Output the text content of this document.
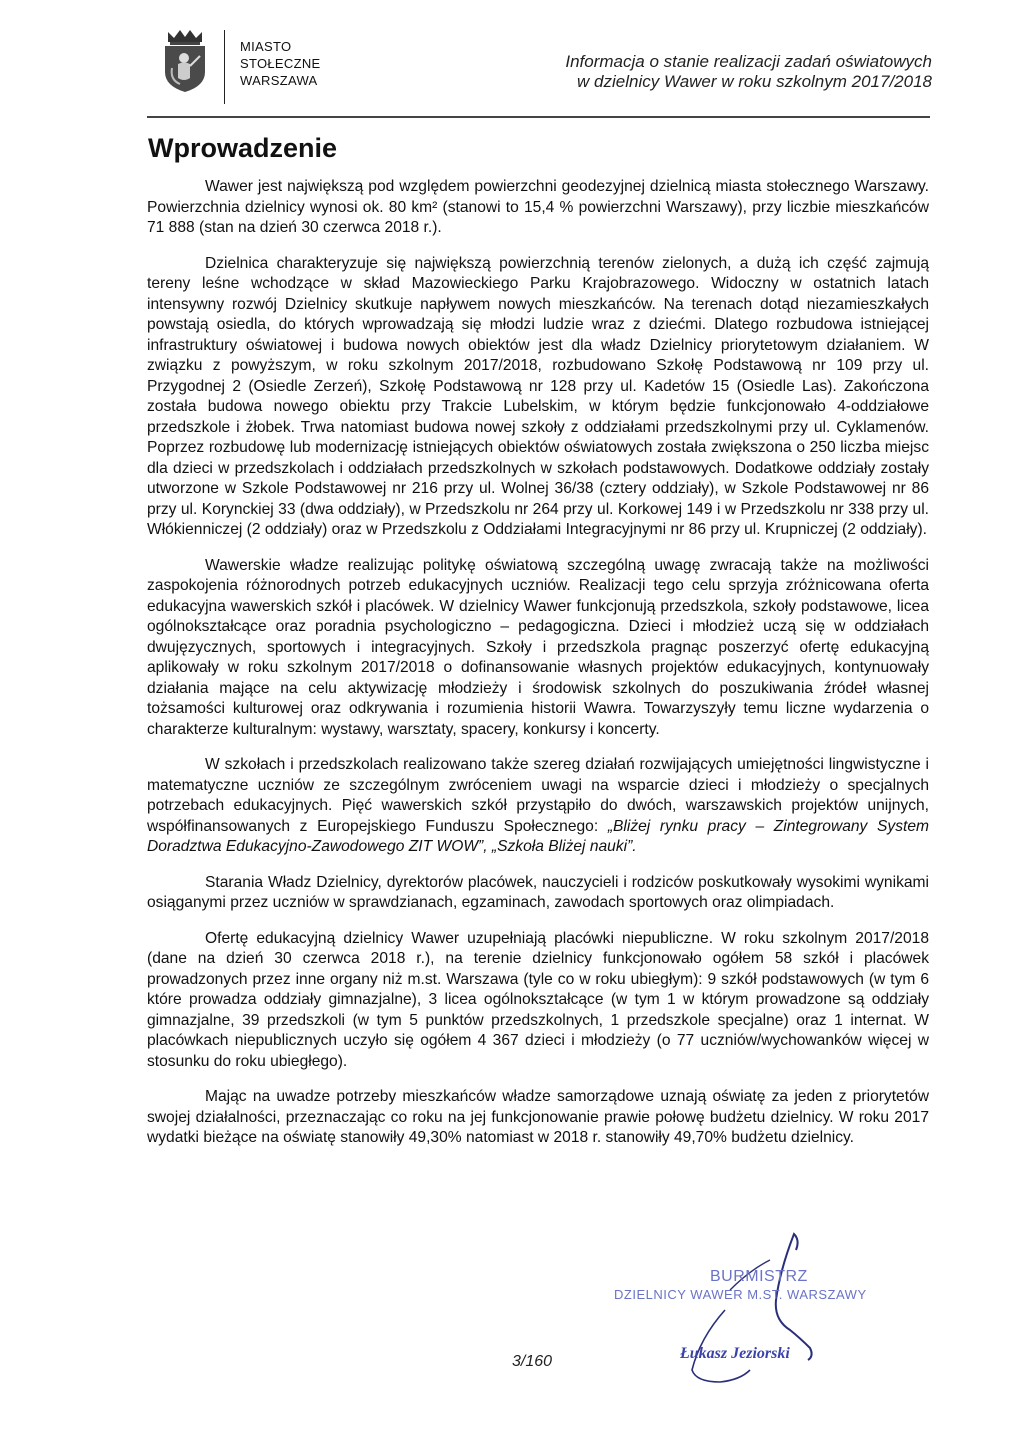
MIASTO
STOŁECZNE
WARSZAWA
Informacja o stanie realizacji zadań oświatowych
w dzielnicy Wawer w roku szkolnym 2017/2018
Wprowadzenie

Wawer jest największą pod względem powierzchni geodezyjnej dzielnicą miasta stołecznego Warszawy. Powierzchnia dzielnicy wynosi ok. 80 km² (stanowi to 15,4 % powierzchni Warszawy), przy liczbie mieszkańców 71 888 (stan na dzień 30 czerwca 2018 r.).

Dzielnica charakteryzuje się największą powierzchnią terenów zielonych, a dużą ich część zajmują tereny leśne wchodzące w skład Mazowieckiego Parku Krajobrazowego. Widoczny w ostatnich latach intensywny rozwój Dzielnicy skutkuje napływem nowych mieszkańców. Na terenach dotąd niezamieszkałych powstają osiedla, do których wprowadzają się młodzi ludzie wraz z dziećmi. Dlatego rozbudowa istniejącej infrastruktury oświatowej i budowa nowych obiektów jest dla władz Dzielnicy priorytetowym działaniem. W związku z powyższym, w roku szkolnym 2017/2018, rozbudowano Szkołę Podstawową nr 109 przy ul. Przygodnej 2 (Osiedle Zerzeń), Szkołę Podstawową nr 128 przy ul. Kadetów 15 (Osiedle Las). Zakończona została budowa nowego obiektu przy Trakcie Lubelskim, w którym będzie funkcjonowało 4-oddziałowe przedszkole i żłobek. Trwa natomiast budowa nowej szkoły z oddziałami przedszkolnymi przy ul. Cyklamenów. Poprzez rozbudowę lub modernizację istniejących obiektów oświatowych została zwiększona o 250 liczba miejsc dla dzieci w przedszkolach i oddziałach przedszkolnych w szkołach podstawowych. Dodatkowe oddziały zostały utworzone w Szkole Podstawowej nr 216 przy ul. Wolnej 36/38 (cztery oddziały), w Szkole Podstawowej nr 86 przy ul. Korynckiej 33 (dwa oddziały), w Przedszkolu nr 264 przy ul. Korkowej 149 i w Przedszkolu nr 338 przy ul. Włókienniczej (2 oddziały) oraz w Przedszkolu z Oddziałami Integracyjnymi nr 86 przy ul. Krupniczej (2 oddziały).

Wawerskie władze realizując politykę oświatową szczególną uwagę zwracają także na możliwości zaspokojenia różnorodnych potrzeb edukacyjnych uczniów. Realizacji tego celu sprzyja zróżnicowana oferta edukacyjna wawerskich szkół i placówek. W dzielnicy Wawer funkcjonują przedszkola, szkoły podstawowe, licea ogólnokształcące oraz poradnia psychologiczno – pedagogiczna. Dzieci i młodzież uczą się w oddziałach dwujęzycznych, sportowych i integracyjnych. Szkoły i przedszkola pragnąc poszerzyć ofertę edukacyjną aplikowały w roku szkolnym 2017/2018 o dofinansowanie własnych projektów edukacyjnych, kontynuowały działania mające na celu aktywizację młodzieży i środowisk szkolnych do poszukiwania źródeł własnej tożsamości kulturowej oraz odkrywania i rozumienia historii Wawra. Towarzyszyły temu liczne wydarzenia o charakterze kulturalnym: wystawy, warsztaty, spacery, konkursy i koncerty.

W szkołach i przedszkolach realizowano także szereg działań rozwijających umiejętności lingwistyczne i matematyczne uczniów ze szczególnym zwróceniem uwagi na wsparcie dzieci i młodzieży o specjalnych potrzebach edukacyjnych. Pięć wawerskich szkół przystąpiło do dwóch, warszawskich projektów unijnych, współfinansowanych z Europejskiego Funduszu Społecznego: „Bliżej rynku pracy – Zintegrowany System Doradztwa Edukacyjno-Zawodowego ZIT WOW”, „Szkoła Bliżej nauki”.

Starania Władz Dzielnicy, dyrektorów placówek, nauczycieli i rodziców poskutkowały wysokimi wynikami osiąganymi przez uczniów w sprawdzianach, egzaminach, zawodach sportowych oraz olimpiadach.

Ofertę edukacyjną dzielnicy Wawer uzupełniają placówki niepubliczne. W roku szkolnym 2017/2018 (dane na dzień 30 czerwca 2018 r.), na terenie dzielnicy funkcjonowało ogółem 58 szkół i placówek prowadzonych przez inne organy niż m.st. Warszawa (tyle co w roku ubiegłym): 9 szkół podstawowych (w tym 6 które prowadza oddziały gimnazjalne), 3 licea ogólnokształcące (w tym 1 w którym prowadzone są oddziały gimnazjalne, 39 przedszkoli (w tym 5 punktów przedszkolnych, 1 przedszkole specjalne) oraz 1 internat. W placówkach niepublicznych uczyło się ogółem 4 367 dzieci i młodzieży (o 77 uczniów/wychowanków więcej w stosunku do roku ubiegłego).

Mając na uwadze potrzeby mieszkańców władze samorządowe uznają oświatę za jeden z priorytetów swojej działalności, przeznaczając co roku na jej funkcjonowanie prawie połowę budżetu dzielnicy. W roku 2017 wydatki bieżące na oświatę stanowiły 49,30% natomiast w 2018 r. stanowiły 49,70% budżetu dzielnicy.

BURMISTRZ
DZIELNICY WAWER M.ST. WARSZAWY
Łukasz Jeziorski
3/160
